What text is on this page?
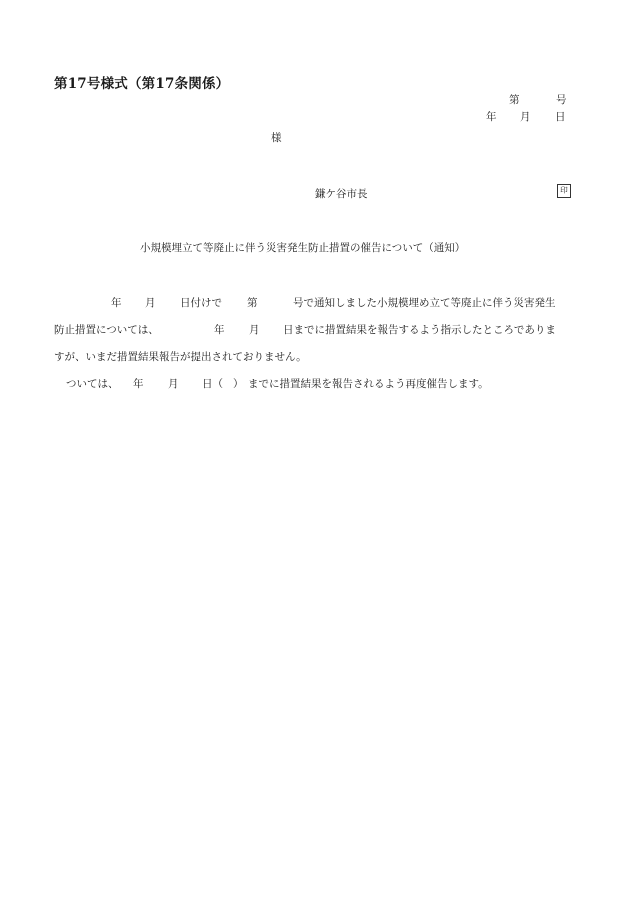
第17号様式（第17条関係）
第	号
年 月 日
様
鎌ケ谷市長	印
小規模埋立て等廃止に伴う災害発生防止措置の催告について（通知）
年 月 日付けで 第	号で通知しました小規模埋め立て等廃止に伴う災害発生
防止措置については、	年 月 日までに措置結果を報告するよう指示したところでありま
すが、いまだ措置結果報告が提出されておりません。
ついては、 年 月 日（ ） までに措置結果を報告されるよう再度催告します。
